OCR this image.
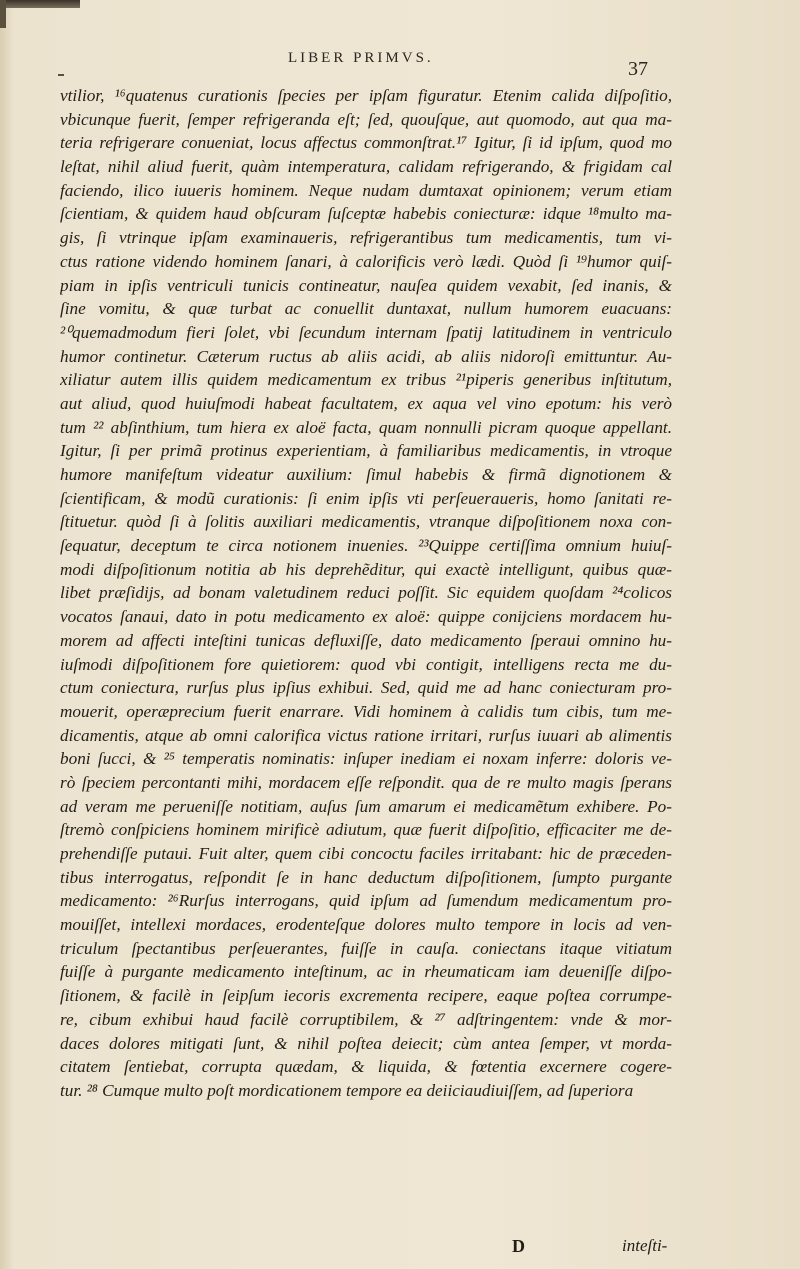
LIBER PRIMVS.	37
vtilior, ¹⁶quatenus curationis ſpecies per ipſam figuratur. Etenim calida diſpoſitio,
vbicunque fuerit, ſemper refrigeranda eſt; ſed, quouſque, aut quomodo, aut qua ma-
teria refrigerare conueniat, locus affectus commonſtrat.¹⁷ Igitur, ſi id ipſum, quod mo
leſtat, nihil aliud fuerit, quàm intemperatura, calidam refrigerando, & frigidam cal
faciendo, ilico iuueris hominem. Neque nudam dumtaxat opinionem; verum etiam
ſcientiam, & quidem haud obſcuram ſuſceptæ habebis coniecturæ: idque ¹⁸multo ma-
gis, ſi vtrinque ipſam examinaueris, refrigerantibus tum medicamentis, tum vi-
ctus ratione videndo hominem ſanari, à calorificis verò lædi. Quòd ſi ¹⁹humor quiſ-
piam in ipſis ventriculi tunicis contineatur, nauſea quidem vexabit, ſed inanis, &
ſine vomitu, & quæ turbat ac conuellit duntaxat, nullum humorem euacuans:
²⁰quemadmodum fieri ſolet, vbi ſecundum internam ſpatij latitudinem in ventriculo
humor continetur. Cæterum ructus ab aliis acidi, ab aliis nidoroſi emittuntur. Au-
xiliatur autem illis quidem medicamentum ex tribus ²¹piperis generibus inſtitutum,
aut aliud, quod huiuſmodi habeat facultatem, ex aqua vel vino epotum: his verò
tum ²² abſinthium, tum hiera ex aloë facta, quam nonnulli picram quoque appellant.
Igitur, ſi per primã protinus experientiam, à familiaribus medicamentis, in vtroque
humore manifeſtum videatur auxilium: ſimul habebis & firmã dignotionem &
ſcientificam, & modũ curationis: ſi enim ipſis vti perſeueraueris, homo ſanitati re-
ſtituetur. quòd ſi à ſolitis auxiliari medicamentis, vtranque diſpoſitionem noxa con-
ſequatur, deceptum te circa notionem inuenies. ²³Quippe certiſſima omnium huiuſ-
modi diſpoſitionum notitia ab his deprehẽditur, qui exactè intelligunt, quibus quæ-
libet præſidijs, ad bonam valetudinem reduci poſſit. Sic equidem quoſdam ²⁴colicos
vocatos ſanaui, dato in potu medicamento ex aloë: quippe conijciens mordacem hu-
morem ad affecti inteſtini tunicas defluxiſſe, dato medicamento ſperaui omnino hu-
iuſmodi diſpoſitionem fore quietiorem: quod vbi contigit, intelligens recta me du-
ctum coniectura, rurſus plus ipſius exhibui. Sed, quid me ad hanc coniecturam pro-
mouerit, operæprecium fuerit enarrare. Vidi hominem à calidis tum cibis, tum me-
dicamentis, atque ab omni calorifica victus ratione irritari, rurſus iuuari ab alimentis
boni ſucci, & ²⁵ temperatis nominatis: inſuper inediam ei noxam inferre: doloris ve-
rò ſpeciem percontanti mihi, mordacem eſſe reſpondit. qua de re multo magis ſperans
ad veram me perueniſſe notitiam, auſus ſum amarum ei medicamẽtum exhibere. Po-
ſtremò conſpiciens hominem mirificè adiutum, quæ fuerit diſpoſitio, efficaciter me de-
prehendiſſe putaui. Fuit alter, quem cibi concoctu faciles irritabant: hic de præceden-
tibus interrogatus, reſpondit ſe in hanc deductum diſpoſitionem, ſumpto purgante
medicamento: ²⁶Rurſus interrogans, quid ipſum ad ſumendum medicamentum pro-
mouiſſet, intellexi mordaces, erodenteſque dolores multo tempore in locis ad ven-
triculum ſpectantibus perſeuerantes, fuiſſe in cauſa. coniectans itaque vitiatum
fuiſſe à purgante medicamento inteſtinum, ac in rheumaticam iam deueniſſe diſpo-
ſitionem, & facilè in ſeipſum iecoris excrementa recipere, eaque poſtea corrumpe-
re, cibum exhibui haud facilè corruptibilem, & ²⁷ adſtringentem: vnde & mor-
daces dolores mitigati ſunt, & nihil poſtea deiecit; cùm antea ſemper, vt morda-
citatem ſentiebat, corrupta quædam, & liquida, & fœtentia excernere cogere-
tur. ²⁸ Cumque multo poſt mordicationem tempore ea deiiciaudiuiſſem, ad ſuperiora
D	inteſti-
